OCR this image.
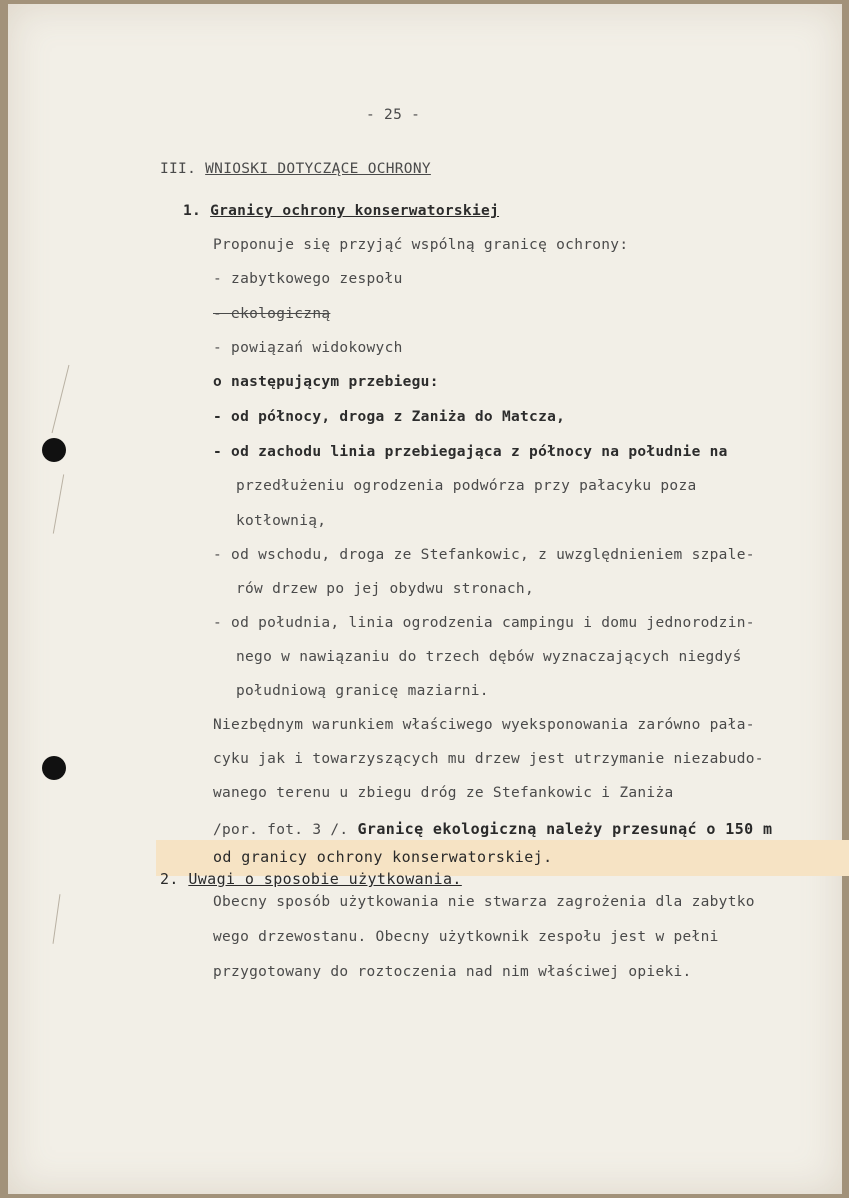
- 25 -
III. WNIOSKI DOTYCZĄCE OCHRONY
1. Granicy ochrony konserwatorskiej
Proponuje się przyjąć wspólną granicę ochrony:
- zabytkowego zespołu
- ekologiczną
- powiązań widokowych
o następującym przebiegu:
- od północy, droga z Zaniża do Matcza,
- od zachodu linia przebiegająca z północy na południe na
przedłużeniu ogrodzenia podwórza przy pałacyku poza
kotłownią,
- od wschodu, droga ze Stefankowic, z uwzględnieniem szpale-
rów drzew po jej obydwu stronach,
- od południa, linia ogrodzenia campingu i domu jednorodzin-
nego w nawiązaniu do trzech dębów wyznaczających niegdyś
południową granicę maziarni.
Niezbędnym warunkiem właściwego wyeksponowania zarówno pała-
cyku jak i towarzyszących mu drzew jest utrzymanie niezabudo-
wanego terenu u zbiegu dróg ze Stefankowic i Zaniża
/por. fot. 3 /. Granicę ekologiczną należy przesunąć o 150 m
od granicy ochrony konserwatorskiej.
2. Uwagi o sposobie użytkowania.
Obecny sposób użytkowania nie stwarza zagrożenia dla zabytko
wego drzewostanu. Obecny użytkownik zespołu jest w pełni
przygotowany do roztoczenia nad nim właściwej opieki.
